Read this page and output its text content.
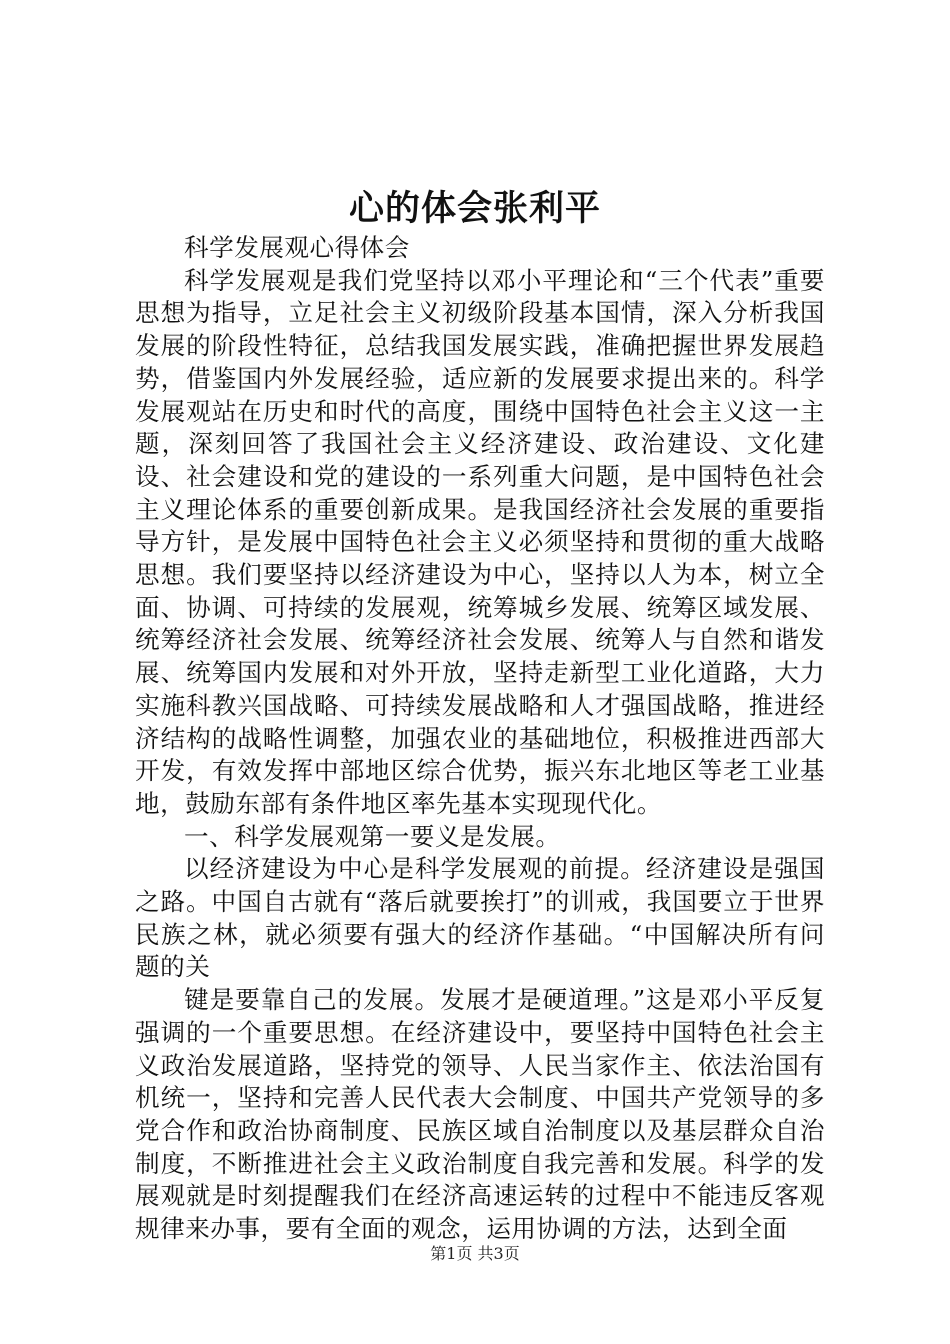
心的体会张利平

科学发展观心得体会

科学发展观是我们党坚持以邓小平理论和“三个代表”重要思想为指导，立足社会主义初级阶段基本国情，深入分析我国发展的阶段性特征，总结我国发展实践，准确把握世界发展趋势，借鉴国内外发展经验，适应新的发展要求提出来的。科学发展观站在历史和时代的高度，围绕中国特色社会主义这一主题，深刻回答了我国社会主义经济建设、政治建设、文化建设、社会建设和党的建设的一系列重大问题，是中国特色社会主义理论体系的重要创新成果。是我国经济社会发展的重要指导方针，是发展中国特色社会主义必须坚持和贯彻的重大战略思想。我们要坚持以经济建设为中心，坚持以人为本，树立全面、协调、可持续的发展观，统筹城乡发展、统筹区域发展、统筹经济社会发展、统筹经济社会发展、统筹人与自然和谐发展、统筹国内发展和对外开放，坚持走新型工业化道路，大力实施科教兴国战略、可持续发展战略和人才强国战略，推进经济结构的战略性调整，加强农业的基础地位，积极推进西部大开发，有效发挥中部地区综合优势，振兴东北地区等老工业基地，鼓励东部有条件地区率先基本实现现代化。

一、科学发展观第一要义是发展。

以经济建设为中心是科学发展观的前提。经济建设是强国之路。中国自古就有“落后就要挨打”的训戒，我国要立于世界民族之林，就必须要有强大的经济作基础。“中国解决所有问题的关

键是要靠自己的发展。发展才是硬道理。”这是邓小平反复强调的一个重要思想。在经济建设中，要坚持中国特色社会主义政治发展道路，坚持党的领导、人民当家作主、依法治国有机统一，坚持和完善人民代表大会制度、中国共产党领导的多党合作和政治协商制度、民族区域自治制度以及基层群众自治制度，不断推进社会主义政治制度自我完善和发展。科学的发展观就是时刻提醒我们在经济高速运转的过程中不能违反客观规律来办事，要有全面的观念，运用协调的方法，达到全面

第1页 共3页
